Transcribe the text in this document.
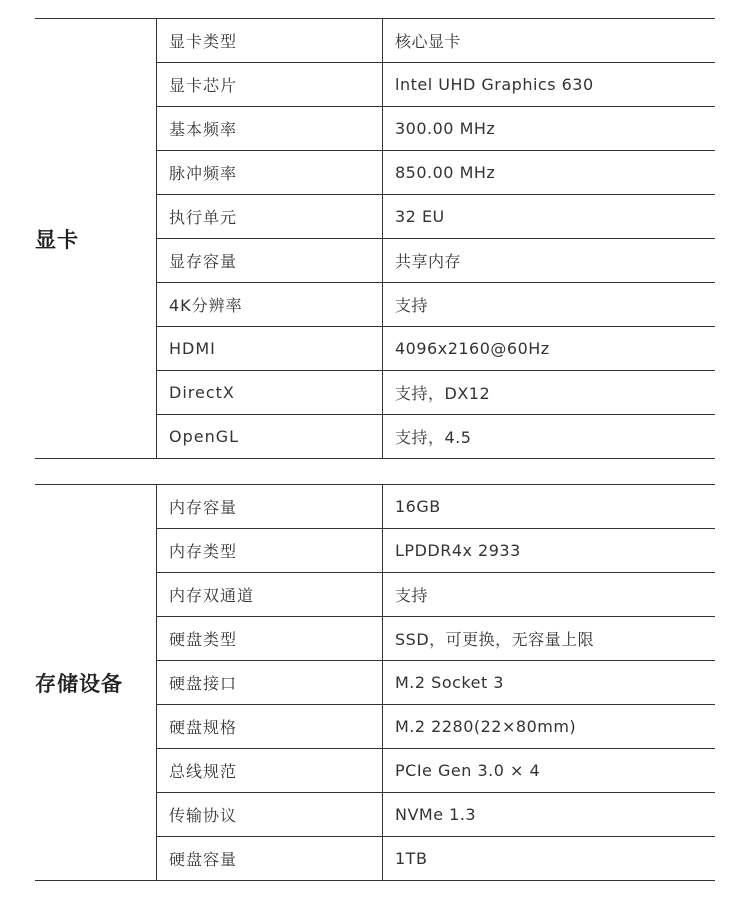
显卡
显卡类型	核心显卡
显卡芯片	lntel UHD Graphics 630
基本频率	300.00 MHz
脉冲频率	850.00 MHz
执行单元	32 EU
显存容量	共享内存
4K分辨率	支持
HDMI	4096x2160@60Hz
DirectX	支持，DX12
OpenGL	支持，4.5
存储设备
内存容量	16GB
内存类型	LPDDR4x 2933
内存双通道	支持
硬盘类型	SSD，可更换，无容量上限
硬盘接口	M.2 Socket 3
硬盘规格	M.2 2280(22×80mm)
总线规范	PCIe Gen 3.0 × 4
传输协议	NVMe 1.3
硬盘容量	1TB
